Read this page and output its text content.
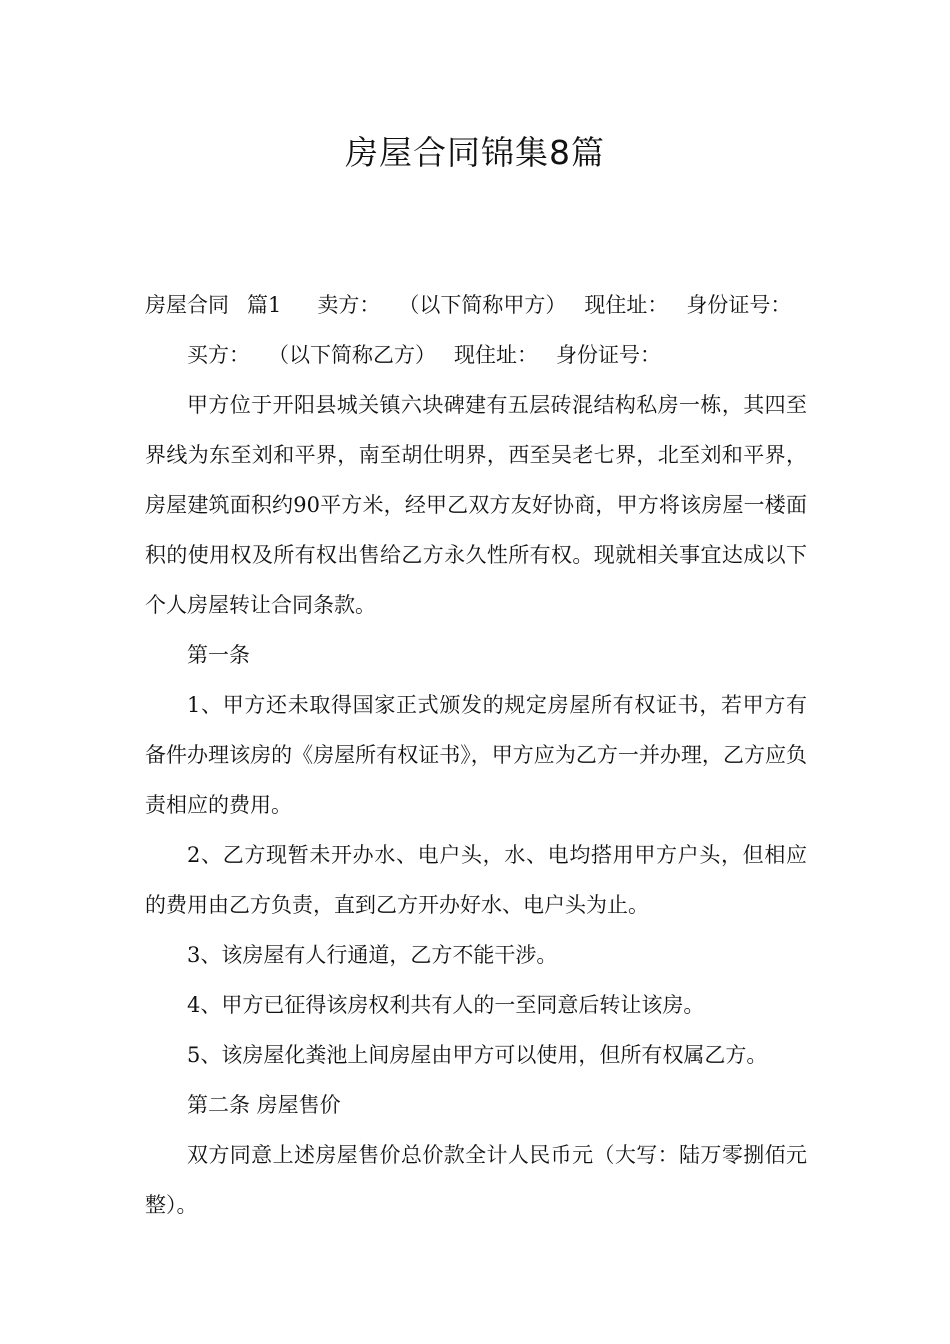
房屋合同锦集8篇

房屋合同 篇1 卖方： （以下简称甲方） 现住址： 身份证号：

买方： （以下简称乙方） 现住址： 身份证号：

甲方位于开阳县城关镇六块碑建有五层砖混结构私房一栋，其四至界线为东至刘和平界，南至胡仕明界，西至吴老七界，北至刘和平界，房屋建筑面积约90平方米，经甲乙双方友好协商，甲方将该房屋一楼面积的使用权及所有权出售给乙方永久性所有权。现就相关事宜达成以下个人房屋转让合同条款。

第一条

1、甲方还未取得国家正式颁发的规定房屋所有权证书，若甲方有备件办理该房的《房屋所有权证书》，甲方应为乙方一并办理，乙方应负责相应的费用。

2、乙方现暂未开办水、电户头，水、电均搭用甲方户头，但相应的费用由乙方负责，直到乙方开办好水、电户头为止。

3、该房屋有人行通道，乙方不能干涉。

4、甲方已征得该房权利共有人的一至同意后转让该房。

5、该房屋化粪池上间房屋由甲方可以使用，但所有权属乙方。

第二条 房屋售价

双方同意上述房屋售价总价款全计人民币元（大写：陆万零捌佰元整）。
